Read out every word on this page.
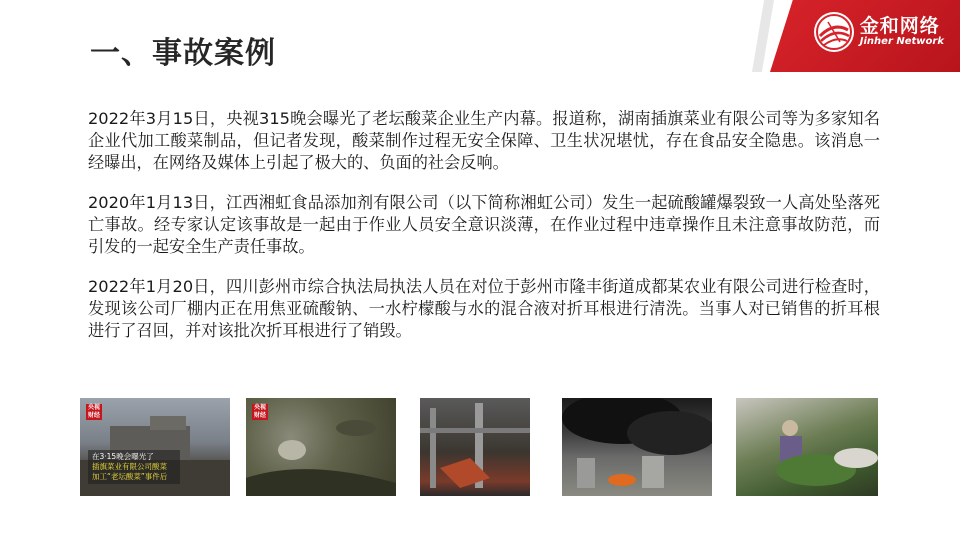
金和网络
Jinher Network
一、事故案例

2022年3月15日，央视315晚会曝光了老坛酸菜企业生产内幕。报道称，湖南插旗菜业有限公司等为多家知名企业代加工酸菜制品，但记者发现，酸菜制作过程无安全保障、卫生状况堪忧，存在食品安全隐患。该消息一经曝出，在网络及媒体上引起了极大的、负面的社会反响。

2020年1月13日，江西湘虹食品添加剂有限公司（以下简称湘虹公司）发生一起硫酸罐爆裂致一人高处坠落死亡事故。经专家认定该事故是一起由于作业人员安全意识淡薄，在作业过程中违章操作且未注意事故防范，而引发的一起安全生产责任事故。

2022年1月20日，四川彭州市综合执法局执法人员在对位于彭州市隆丰街道成都某农业有限公司进行检查时，发现该公司厂棚内正在用焦亚硫酸钠、一水柠檬酸与水的混合液对折耳根进行清洗。当事人对已销售的折耳根进行了召回，并对该批次折耳根进行了销毁。

央视财经
在3·15晚会曝光了
插旗菜业有限公司酸菜
加工“老坛酸菜”事件后
央视财经
